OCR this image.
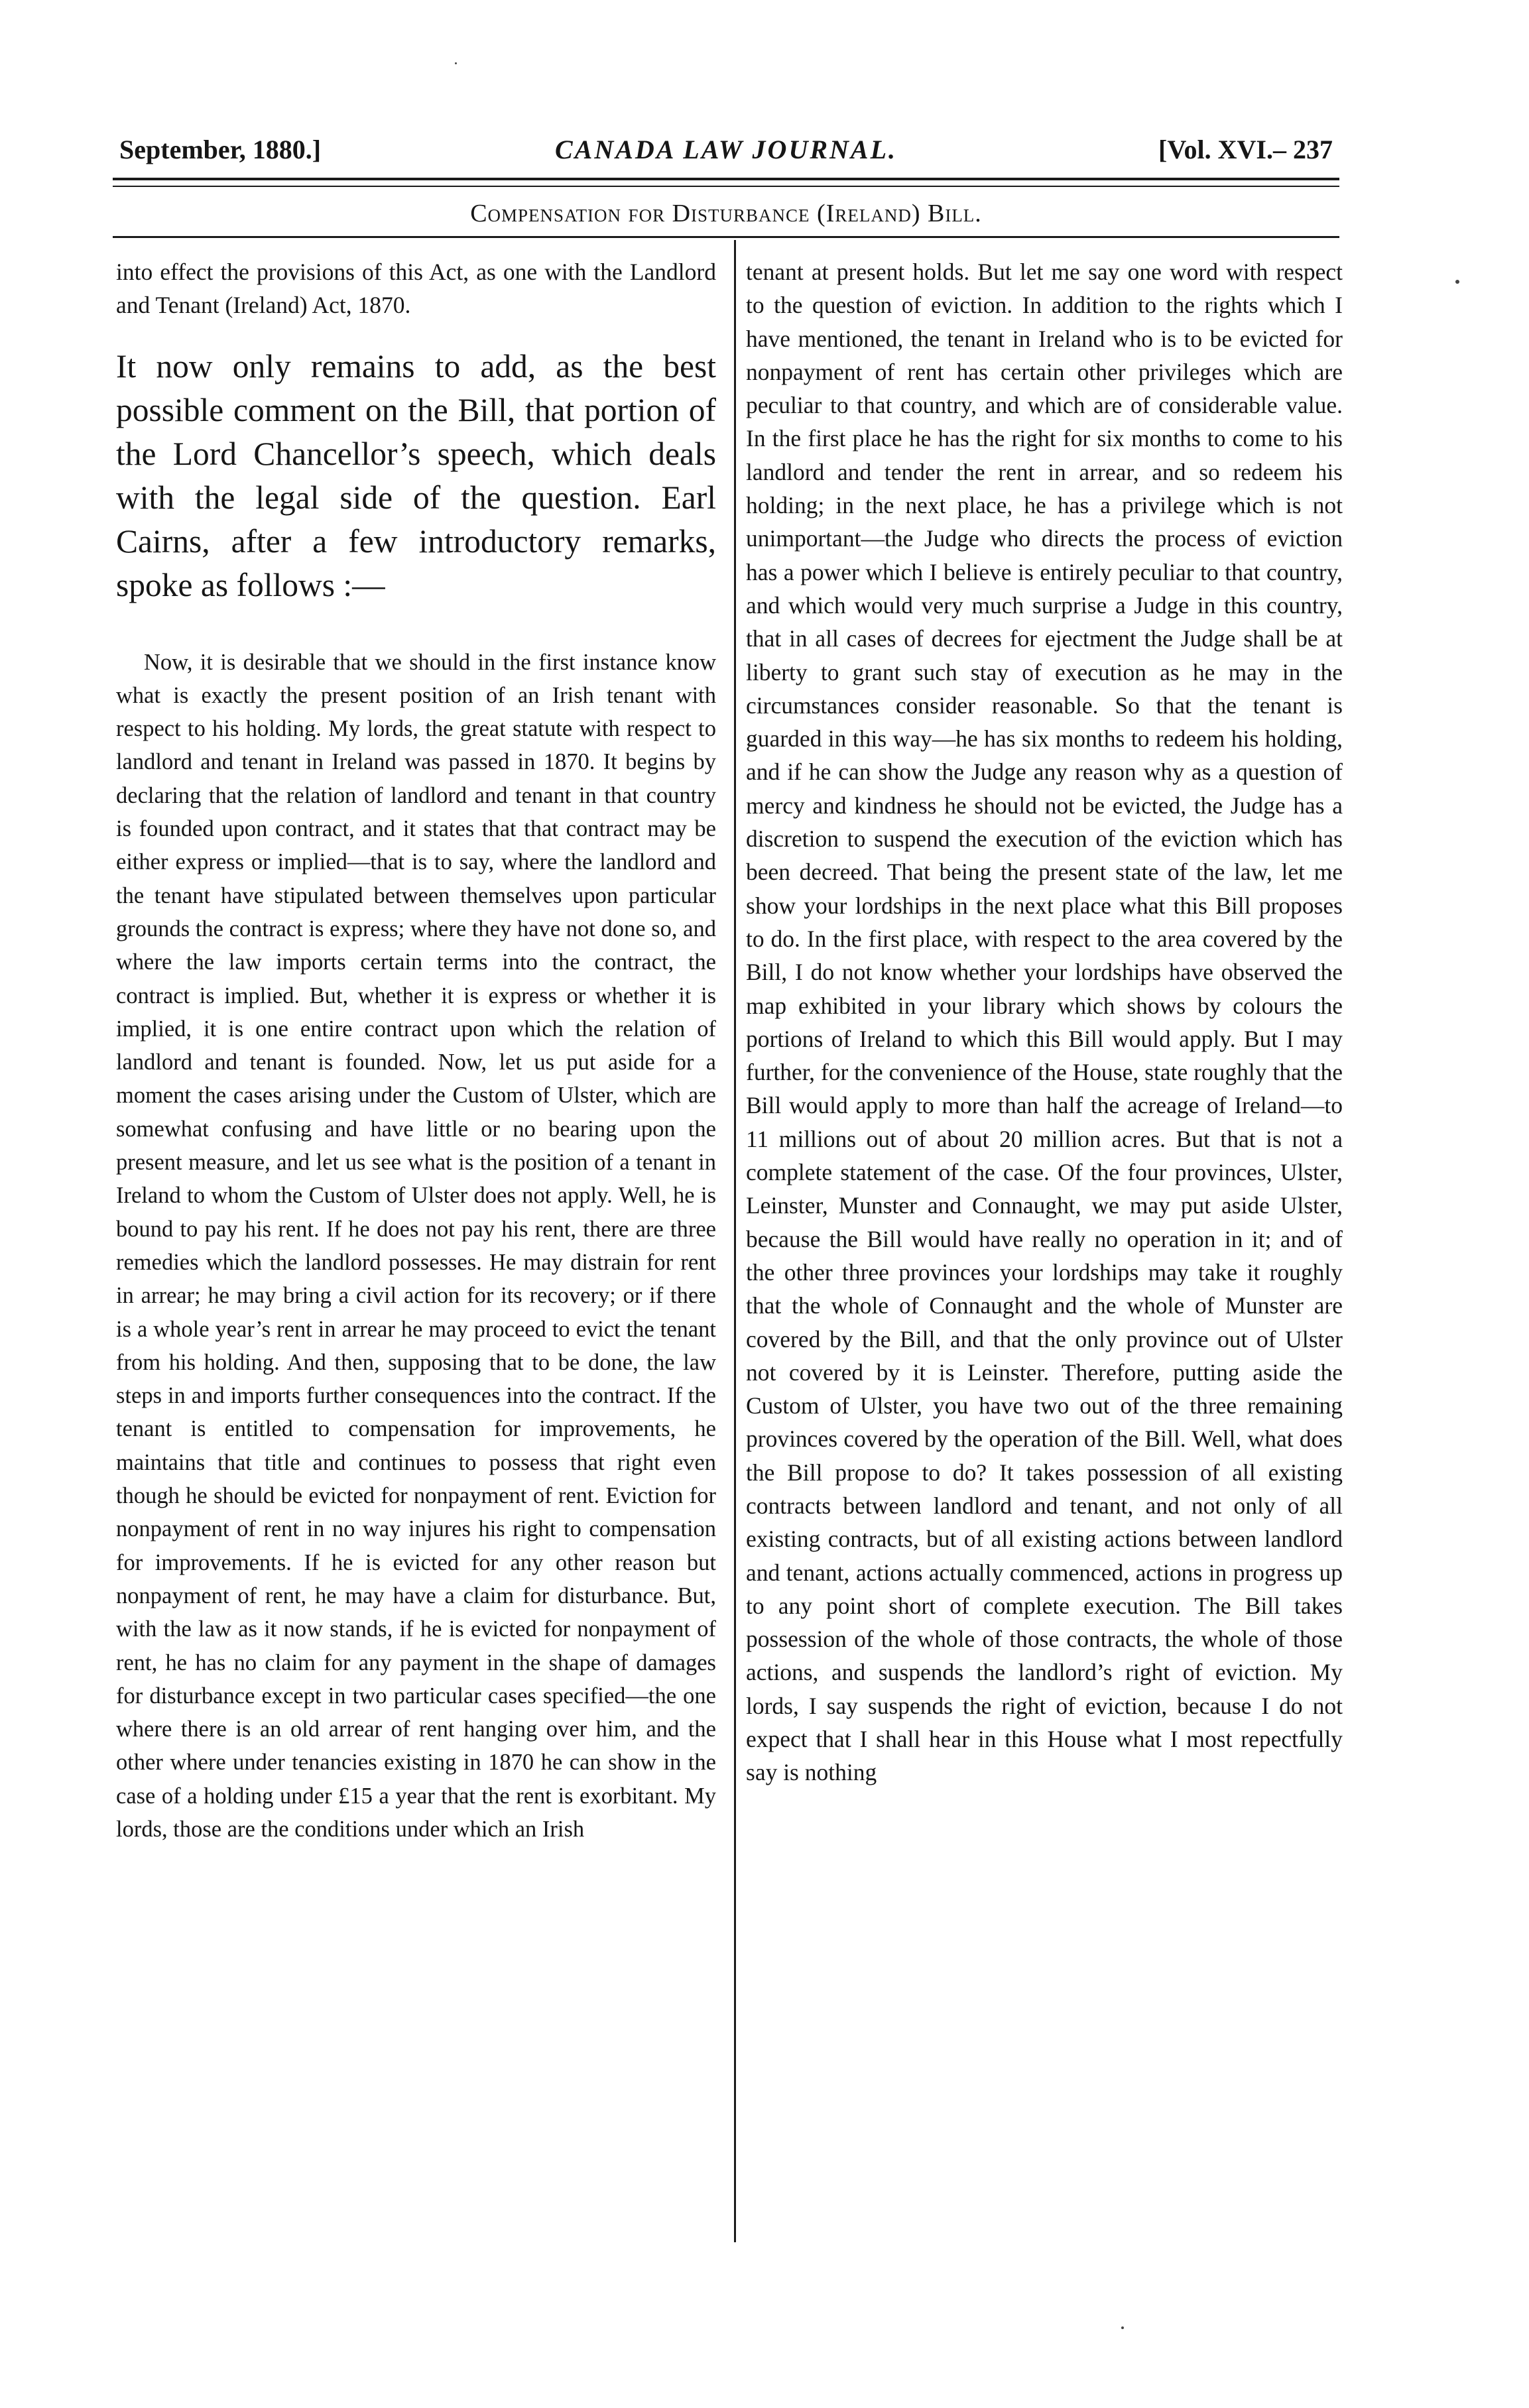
September, 1880.]	CANADA LAW JOURNAL.	[Vol. XVI.– 237
Compensation for Disturbance (Ireland) Bill.

into effect the provisions of this Act, as one with the Landlord and Tenant (Ireland) Act, 1870.

It now only remains to add, as the best possible comment on the Bill, that portion of the Lord Chancellor’s speech, which deals with the legal side of the question. Earl Cairns, after a few introductory remarks, spoke as follows :—

Now, it is desirable that we should in the first instance know what is exactly the present position of an Irish tenant with respect to his holding. My lords, the great statute with respect to landlord and tenant in Ireland was passed in 1870. It begins by declaring that the relation of landlord and tenant in that country is founded upon contract, and it states that that contract may be either express or implied—that is to say, where the landlord and the tenant have stipulated between themselves upon particular grounds the contract is express; where they have not done so, and where the law imports certain terms into the contract, the contract is implied. But, whether it is express or whether it is implied, it is one entire contract upon which the relation of landlord and tenant is founded. Now, let us put aside for a moment the cases arising under the Custom of Ulster, which are somewhat confusing and have little or no bearing upon the present measure, and let us see what is the position of a tenant in Ireland to whom the Custom of Ulster does not apply. Well, he is bound to pay his rent. If he does not pay his rent, there are three remedies which the landlord possesses. He may distrain for rent in arrear; he may bring a civil action for its recovery; or if there is a whole year’s rent in arrear he may proceed to evict the tenant from his holding. And then, supposing that to be done, the law steps in and imports further consequences into the contract. If the tenant is entitled to compensation for improvements, he maintains that title and continues to possess that right even though he should be evicted for nonpayment of rent. Eviction for nonpayment of rent in no way injures his right to compensation for improvements. If he is evicted for any other reason but nonpayment of rent, he may have a claim for disturbance. But, with the law as it now stands, if he is evicted for nonpayment of rent, he has no claim for any payment in the shape of damages for disturbance except in two particular cases specified—the one where there is an old arrear of rent hanging over him, and the other where under tenancies existing in 1870 he can show in the case of a holding under £15 a year that the rent is exorbitant. My lords, those are the conditions under which an Irish

tenant at present holds. But let me say one word with respect to the question of eviction. In addition to the rights which I have mentioned, the tenant in Ireland who is to be evicted for nonpayment of rent has certain other privileges which are peculiar to that country, and which are of considerable value. In the first place he has the right for six months to come to his landlord and tender the rent in arrear, and so redeem his holding; in the next place, he has a privilege which is not unimportant—the Judge who directs the process of eviction has a power which I believe is entirely peculiar to that country, and which would very much surprise a Judge in this country, that in all cases of decrees for ejectment the Judge shall be at liberty to grant such stay of execution as he may in the circumstances consider reasonable. So that the tenant is guarded in this way—he has six months to redeem his holding, and if he can show the Judge any reason why as a question of mercy and kindness he should not be evicted, the Judge has a discretion to suspend the execution of the eviction which has been decreed. That being the present state of the law, let me show your lordships in the next place what this Bill proposes to do. In the first place, with respect to the area covered by the Bill, I do not know whether your lordships have observed the map exhibited in your library which shows by colours the portions of Ireland to which this Bill would apply. But I may further, for the convenience of the House, state roughly that the Bill would apply to more than half the acreage of Ireland—to 11 millions out of about 20 million acres. But that is not a complete statement of the case. Of the four provinces, Ulster, Leinster, Munster and Connaught, we may put aside Ulster, because the Bill would have really no operation in it; and of the other three provinces your lordships may take it roughly that the whole of Connaught and the whole of Munster are covered by the Bill, and that the only province out of Ulster not covered by it is Leinster. Therefore, putting aside the Custom of Ulster, you have two out of the three remaining provinces covered by the operation of the Bill. Well, what does the Bill propose to do? It takes possession of all existing contracts between landlord and tenant, and not only of all existing contracts, but of all existing actions between landlord and tenant, actions actually commenced, actions in progress up to any point short of complete execution. The Bill takes possession of the whole of those contracts, the whole of those actions, and suspends the landlord’s right of eviction. My lords, I say suspends the right of eviction, because I do not expect that I shall hear in this House what I most repectfully say is nothing
